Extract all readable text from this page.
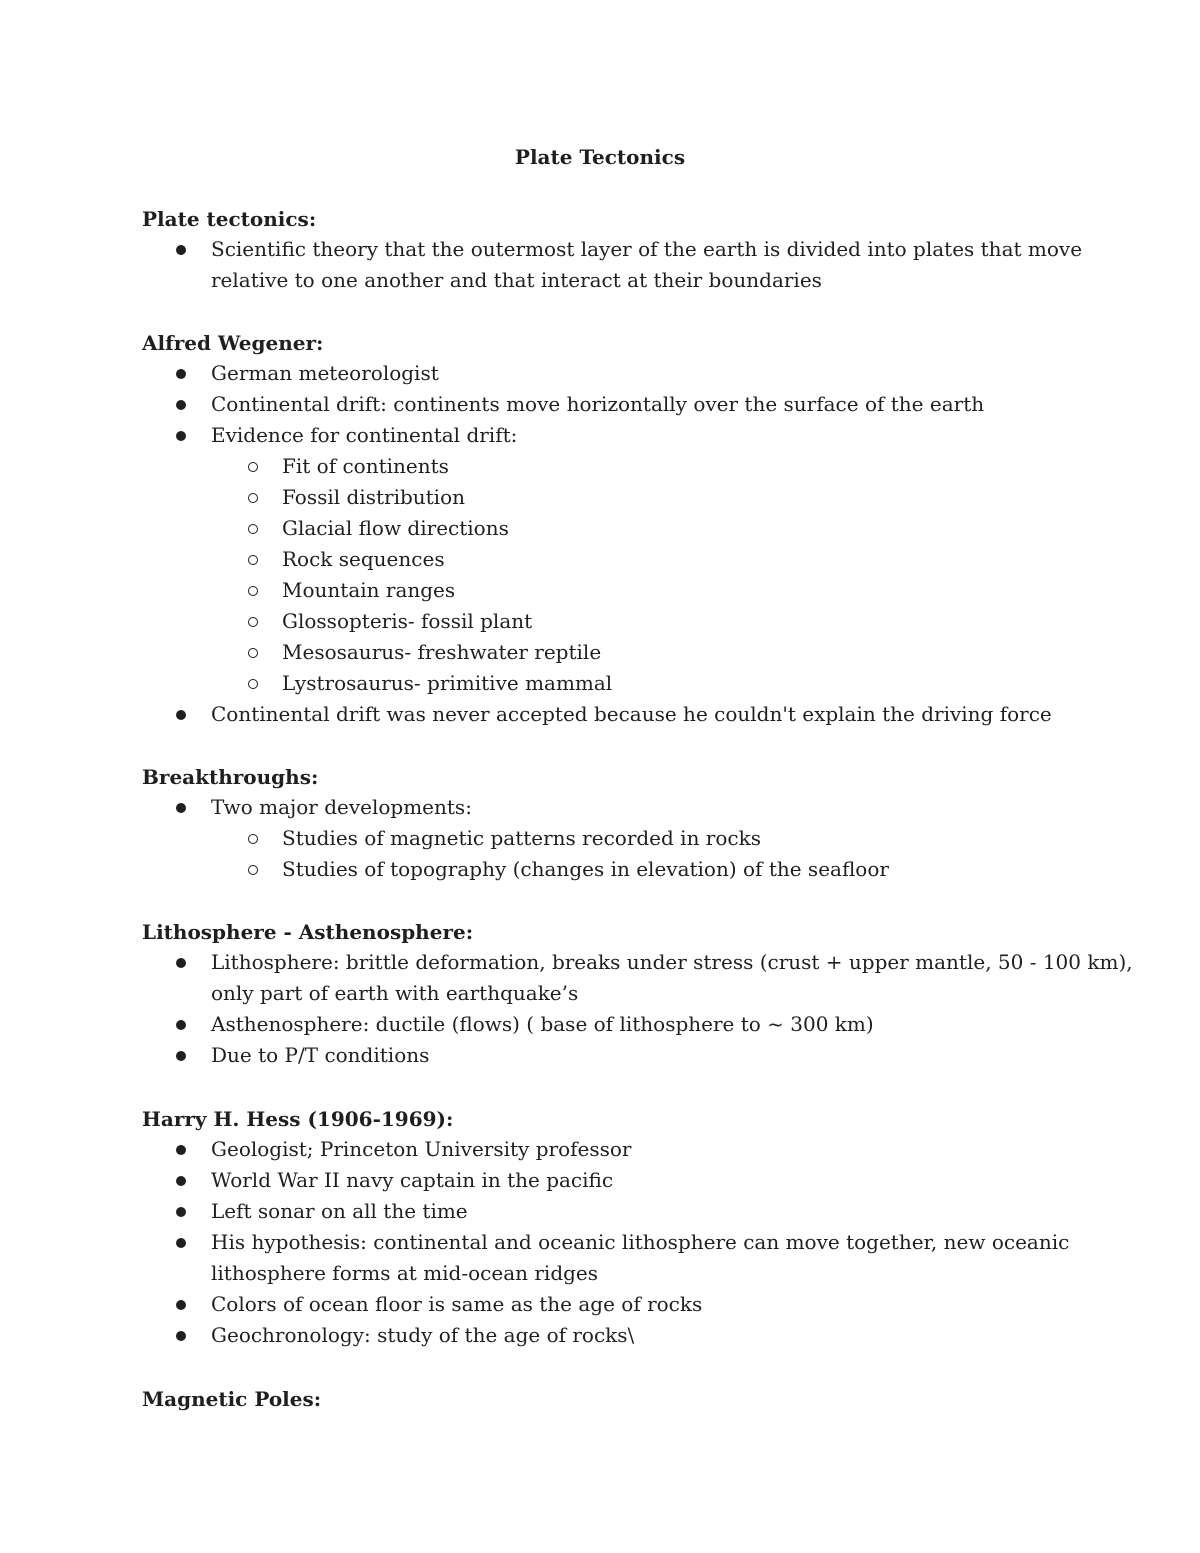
Plate Tectonics
Plate tectonics:
Scientific theory that the outermost layer of the earth is divided into plates that move
relative to one another and that interact at their boundaries
Alfred Wegener:
German meteorologist
Continental drift: continents move horizontally over the surface of the earth
Evidence for continental drift:
Fit of continents
Fossil distribution
Glacial flow directions
Rock sequences
Mountain ranges
Glossopteris- fossil plant
Mesosaurus- freshwater reptile
Lystrosaurus- primitive mammal
Continental drift was never accepted because he couldn't explain the driving force
Breakthroughs:
Two major developments:
Studies of magnetic patterns recorded in rocks
Studies of topography (changes in elevation) of the seafloor
Lithosphere - Asthenosphere:
Lithosphere: brittle deformation, breaks under stress (crust + upper mantle, 50 - 100 km),
only part of earth with earthquake’s
Asthenosphere: ductile (flows) ( base of lithosphere to ~ 300 km)
Due to P/T conditions
Harry H. Hess (1906-1969):
Geologist; Princeton University professor
World War II navy captain in the pacific
Left sonar on all the time
His hypothesis: continental and oceanic lithosphere can move together, new oceanic
lithosphere forms at mid-ocean ridges
Colors of ocean floor is same as the age of rocks
Geochronology: study of the age of rocks\
Magnetic Poles:
